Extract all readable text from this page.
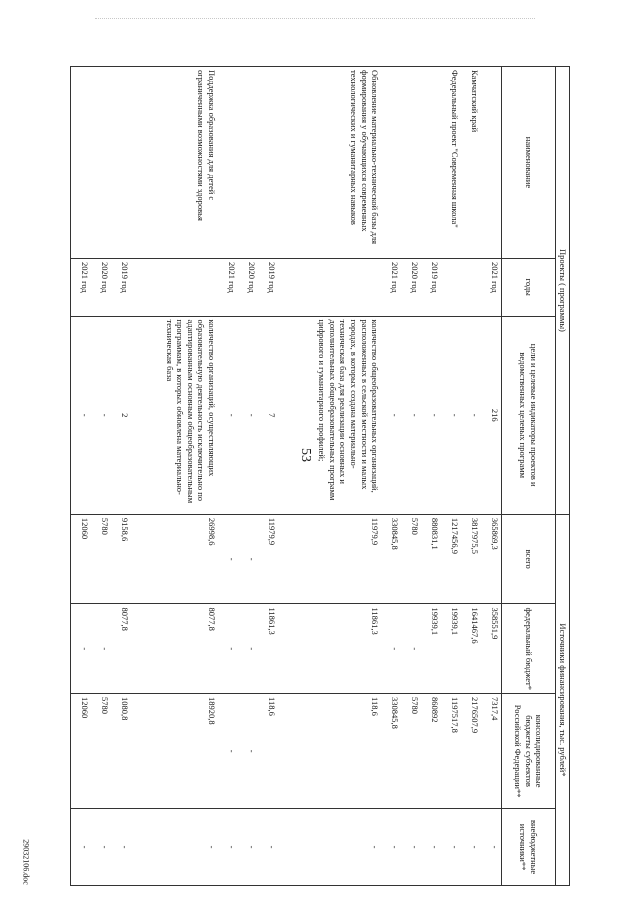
53
Проекты ( программы)			Источники финансирования, тыс. рублей*			
наименование	годы	цели и целевые индикаторы проектов и ведомственных целевых программ	всего	федеральный бюджет*	консолидированные бюджеты субъектов Российской Федерации**	внебюджетные источники**
	2021 год	216	365869,3	358551,9	7317,4	-
Камчатский край		-	3817975,5	1641467,6	2176507,9	-
Федеральный проект "Современная школа"		-	1217456,9	19939,1	1197517,8	-
	2019 год	-	880831,1	19939,1	860892	-
	2020 год	-	5780	-	5780	-
	2021 год	-	330845,8	-	330845,8	-
Обновление материально-технической базы для формирования у обучающихся современных технологических и гуманитарных навыков		количество общеобразовательных организаций, расположенных в сельской местности и малых городах, в которых создана материально-техническая база для реализации основных и дополнительных общеобразовательных программ цифрового и гуманитарного профилей;	11979,9	11861,3	118,6	-
	2019 год	7	11979,9	11861,3	118,6	-
	2020 год	-	-	-	-	-
	2021 год	-	-	-	-	-
Поддержка образования для детей с ограниченными возможностями здоровья		количество организаций, осуществляющих образовательную деятельность исключительно по адаптированным основным общеобразовательным программам, в которых обновлена материально-техническая база	26998,6	8077,8	18920,8	-
	2019 год	2	9158,6	8077,8	1080,8	-
	2020 год	-	5780	-	5780	-
	2021 год	-	12060	-	12060	-
29032106.doc
